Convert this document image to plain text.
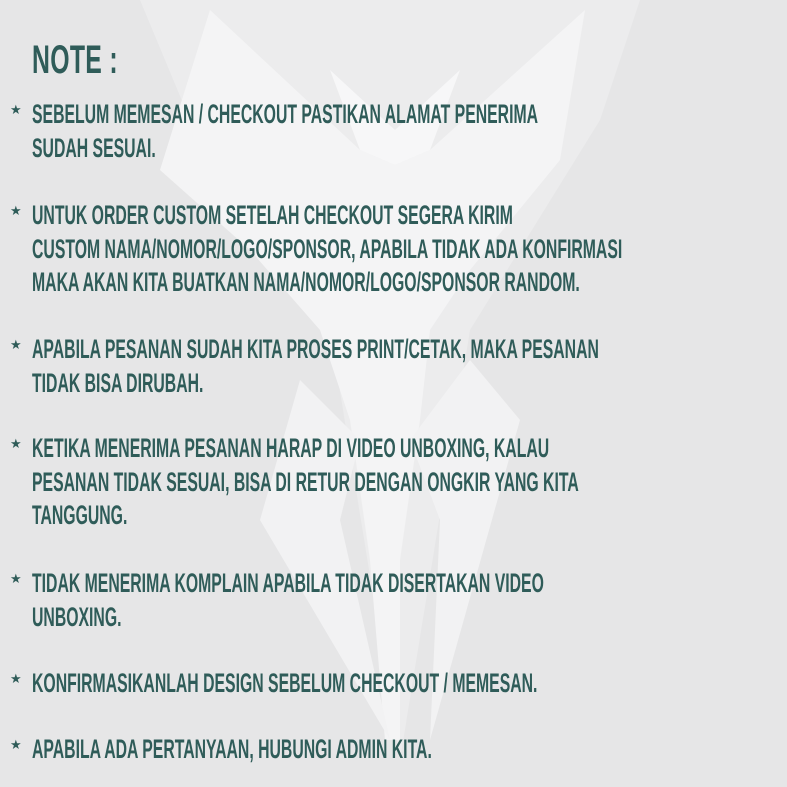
NOTE :
★ SEBELUM MEMESAN / CHECKOUT PASTIKAN ALAMAT PENERIMA
SUDAH SESUAI.

★ UNTUK ORDER CUSTOM SETELAH CHECKOUT SEGERA KIRIM
CUSTOM NAMA/NOMOR/LOGO/SPONSOR, APABILA TIDAK ADA KONFIRMASI
MAKA AKAN KITA BUATKAN NAMA/NOMOR/LOGO/SPONSOR RANDOM.

★ APABILA PESANAN SUDAH KITA PROSES PRINT/CETAK, MAKA PESANAN
TIDAK BISA DIRUBAH.

★ KETIKA MENERIMA PESANAN HARAP DI VIDEO UNBOXING, KALAU
PESANAN TIDAK SESUAI, BISA DI RETUR DENGAN ONGKIR YANG KITA
TANGGUNG.

★ TIDAK MENERIMA KOMPLAIN APABILA TIDAK DISERTAKAN VIDEO
UNBOXING.

★ KONFIRMASIKANLAH DESIGN SEBELUM CHECKOUT / MEMESAN.

★ APABILA ADA PERTANYAAN, HUBUNGI ADMIN KITA.
